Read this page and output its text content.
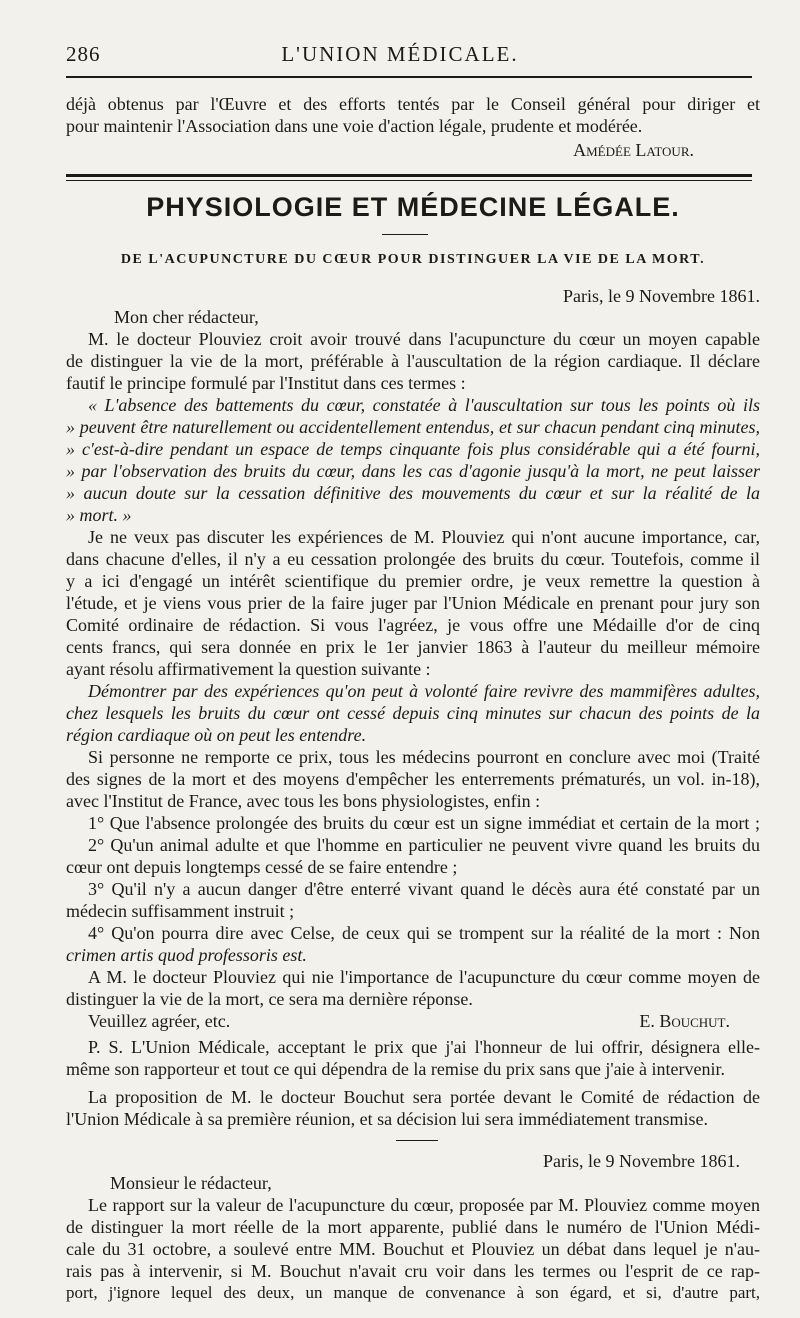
286	L'UNION MÉDICALE.
déjà obtenus par l'Œuvre et des efforts tentés par le Conseil général pour diriger et
pour maintenir l'Association dans une voie d'action légale, prudente et modérée.
Amédée Latour.
PHYSIOLOGIE ET MÉDECINE LÉGALE.
DE L'ACUPUNCTURE DU CŒUR POUR DISTINGUER LA VIE DE LA MORT.
Paris, le 9 Novembre 1861.
Mon cher rédacteur,
M. le docteur Plouviez croit avoir trouvé dans l'acupuncture du cœur un moyen capable
de distinguer la vie de la mort, préférable à l'auscultation de la région cardiaque. Il déclare
fautif le principe formulé par l'Institut dans ces termes :
« L'absence des battements du cœur, constatée à l'auscultation sur tous les points où ils
» peuvent être naturellement ou accidentellement entendus, et sur chacun pendant cinq minutes,
» c'est-à-dire pendant un espace de temps cinquante fois plus considérable qui a été fourni,
» par l'observation des bruits du cœur, dans les cas d'agonie jusqu'à la mort, ne peut laisser
» aucun doute sur la cessation définitive des mouvements du cœur et sur la réalité de la
» mort. »
Je ne veux pas discuter les expériences de M. Plouviez qui n'ont aucune importance, car,
dans chacune d'elles, il n'y a eu cessation prolongée des bruits du cœur. Toutefois, comme il
y a ici d'engagé un intérêt scientifique du premier ordre, je veux remettre la question à
l'étude, et je viens vous prier de la faire juger par l'Union Médicale en prenant pour jury son
Comité ordinaire de rédaction. Si vous l'agréez, je vous offre une Médaille d'or de cinq
cents francs, qui sera donnée en prix le 1er janvier 1863 à l'auteur du meilleur mémoire
ayant résolu affirmativement la question suivante :
Démontrer par des expériences qu'on peut à volonté faire revivre des mammifères adultes,
chez lesquels les bruits du cœur ont cessé depuis cinq minutes sur chacun des points de la
région cardiaque où on peut les entendre.
Si personne ne remporte ce prix, tous les médecins pourront en conclure avec moi (Traité
des signes de la mort et des moyens d'empêcher les enterrements prématurés, un vol. in-18),
avec l'Institut de France, avec tous les bons physiologistes, enfin :
1° Que l'absence prolongée des bruits du cœur est un signe immédiat et certain de la mort ;
2° Qu'un animal adulte et que l'homme en particulier ne peuvent vivre quand les bruits du
cœur ont depuis longtemps cessé de se faire entendre ;
3° Qu'il n'y a aucun danger d'être enterré vivant quand le décès aura été constaté par un
médecin suffisamment instruit ;
4° Qu'on pourra dire avec Celse, de ceux qui se trompent sur la réalité de la mort : Non
crimen artis quod professoris est.
A M. le docteur Plouviez qui nie l'importance de l'acupuncture du cœur comme moyen de
distinguer la vie de la mort, ce sera ma dernière réponse.
Veuillez agréer, etc.	E. Bouchut.
P. S. L'Union Médicale, acceptant le prix que j'ai l'honneur de lui offrir, désignera elle-
même son rapporteur et tout ce qui dépendra de la remise du prix sans que j'aie à intervenir.
La proposition de M. le docteur Bouchut sera portée devant le Comité de rédaction de
l'Union Médicale à sa première réunion, et sa décision lui sera immédiatement transmise.
Paris, le 9 Novembre 1861.
Monsieur le rédacteur,
Le rapport sur la valeur de l'acupuncture du cœur, proposée par M. Plouviez comme moyen
de distinguer la mort réelle de la mort apparente, publié dans le numéro de l'Union Médi-
cale du 31 octobre, a soulevé entre MM. Bouchut et Plouviez un débat dans lequel je n'au-
rais pas à intervenir, si M. Bouchut n'avait cru voir dans les termes ou l'esprit de ce rap-
port, j'ignore lequel des deux, un manque de convenance à son égard, et si, d'autre part,
